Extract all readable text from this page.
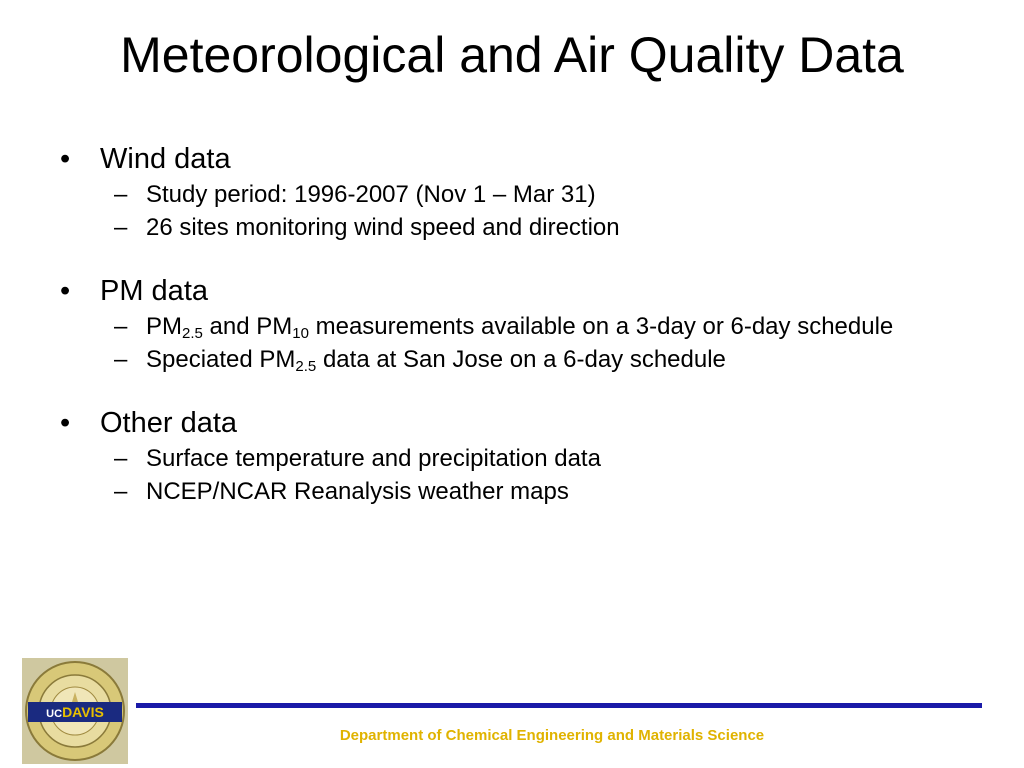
Meteorological and Air Quality Data
• Wind data
– Study period: 1996-2007 (Nov 1 – Mar 31)
– 26 sites monitoring wind speed and direction
• PM data
– $PM_{2.5}$ and $PM_{10}$ measurements available on a 3-day or 6-day schedule
– Speciated $PM_{2.5}$ data at San Jose on a 6-day schedule
• Other data
– Surface temperature and precipitation data
– NCEP/NCAR Reanalysis weather maps
UCDAVIS
Department of Chemical Engineering and Materials Science
